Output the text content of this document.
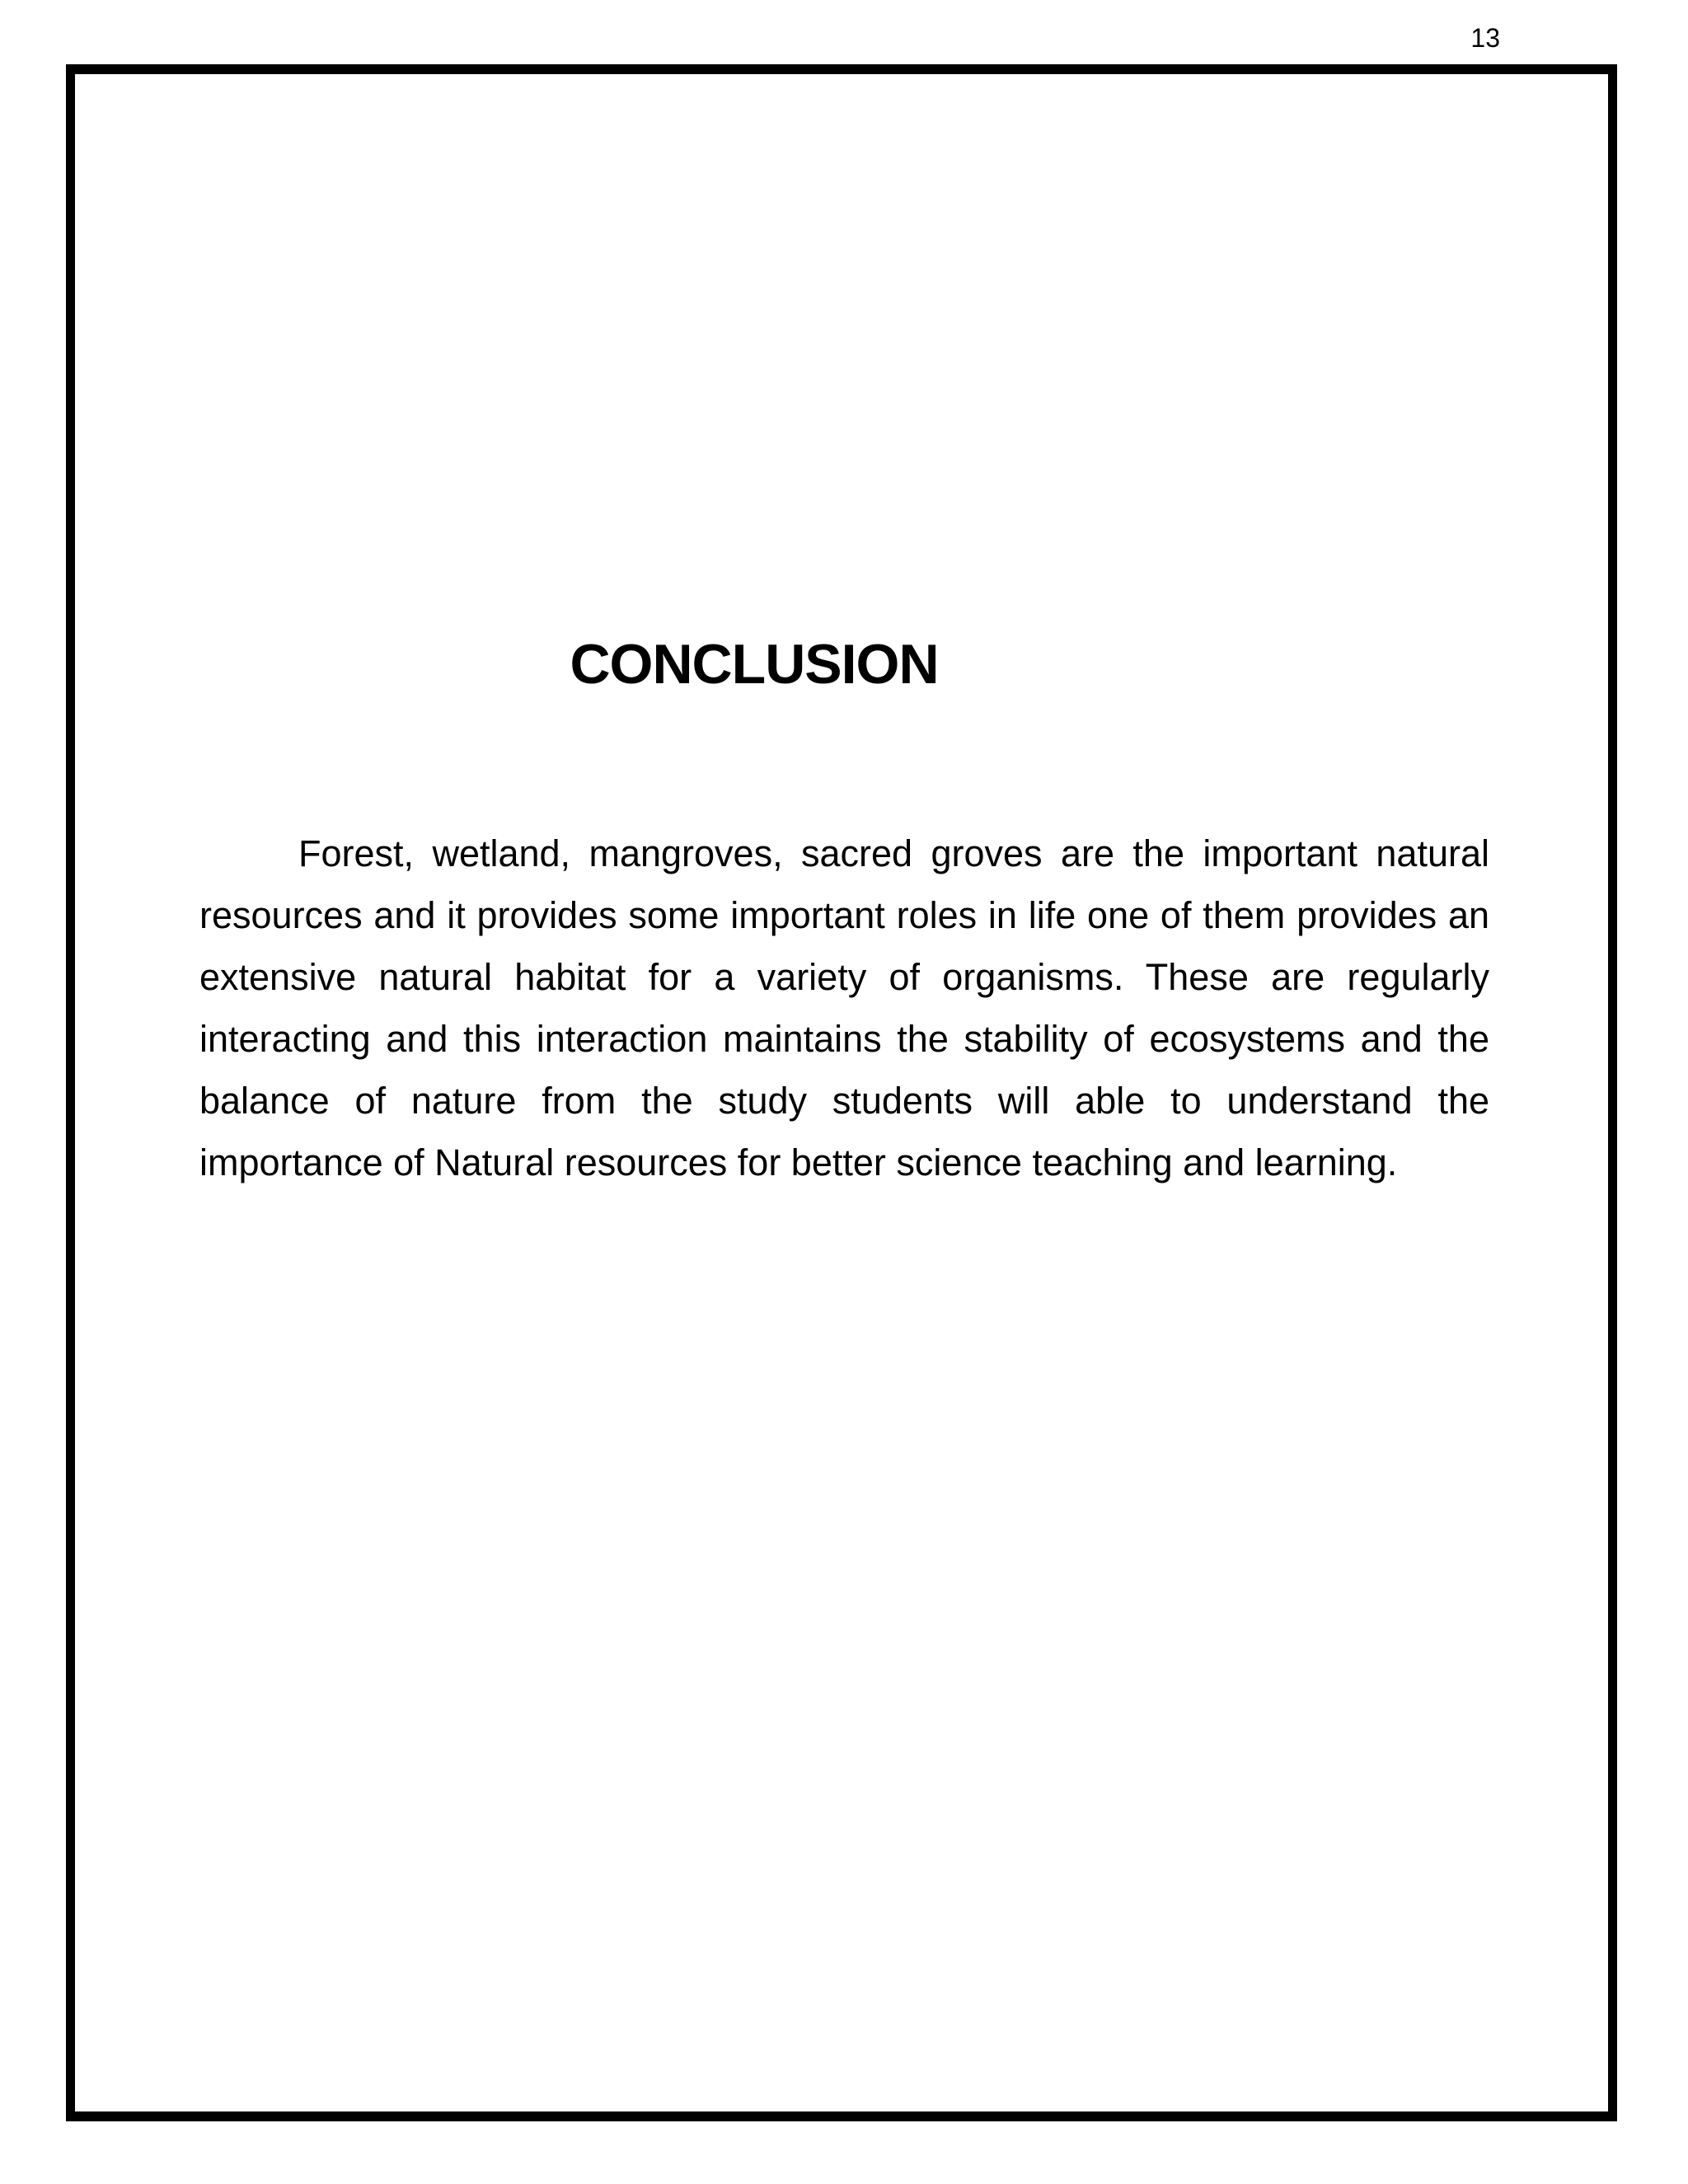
13
CONCLUSION

Forest, wetland, mangroves, sacred groves are the important natural resources and it provides some important roles in life one of them provides an extensive natural habitat for a variety of organisms. These are regularly interacting and this interaction maintains the stability of ecosystems and the balance of nature from the study students will able to understand the importance of Natural resources for better science teaching and learning.
